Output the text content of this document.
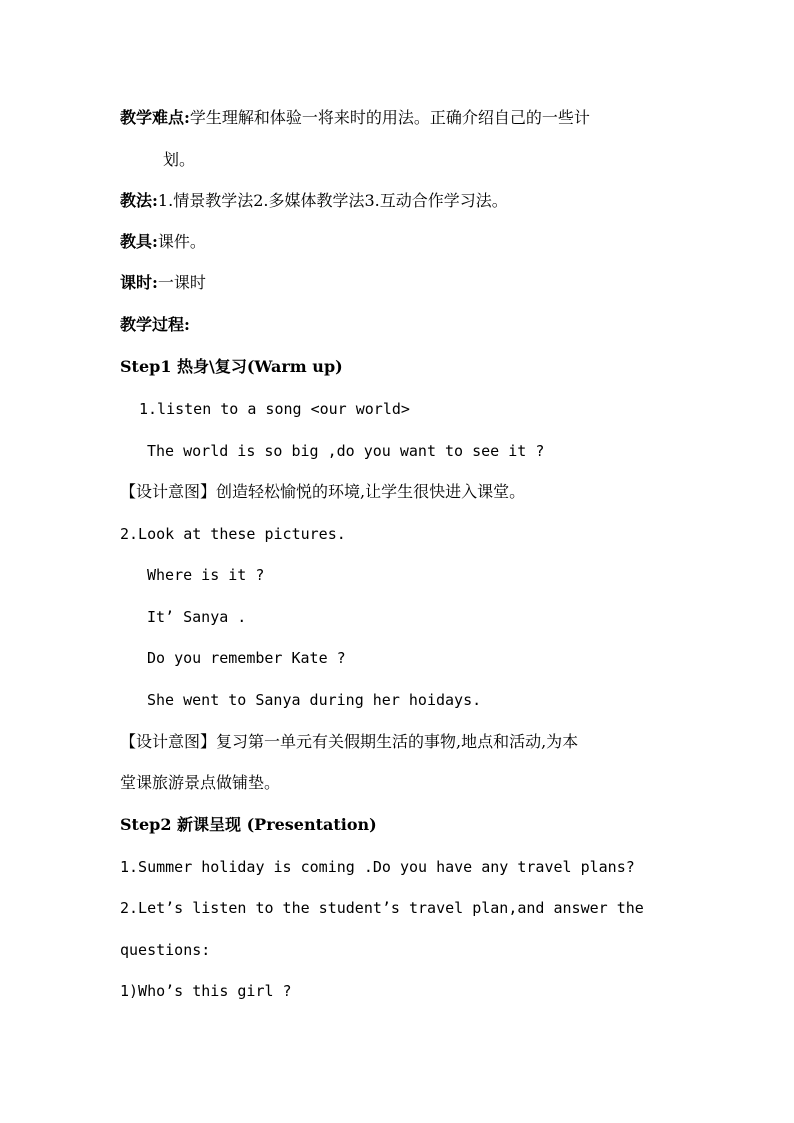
教学难点:学生理解和体验一将来时的用法。正确介绍自己的一些计
划。
教法:1.情景教学法2.多媒体教学法3.互动合作学习法。
教具:课件。
课时:一课时
教学过程:
Step1 热身\复习(Warm up)
1.listen to a song <our world>
The world is so big ,do you want to see it ?
【设计意图】创造轻松愉悦的环境,让学生很快进入课堂。
2.Look at these pictures.
Where is it ?
It’ Sanya .
Do you remember Kate ?
She went to Sanya during her hoidays.
【设计意图】复习第一单元有关假期生活的事物,地点和活动,为本
堂课旅游景点做铺垫。
Step2 新课呈现 (Presentation)
1.Summer holiday is coming .Do you have any travel plans?
2.Let’s listen to the student’s travel plan,and answer the
questions:
1)Who’s this girl ?
